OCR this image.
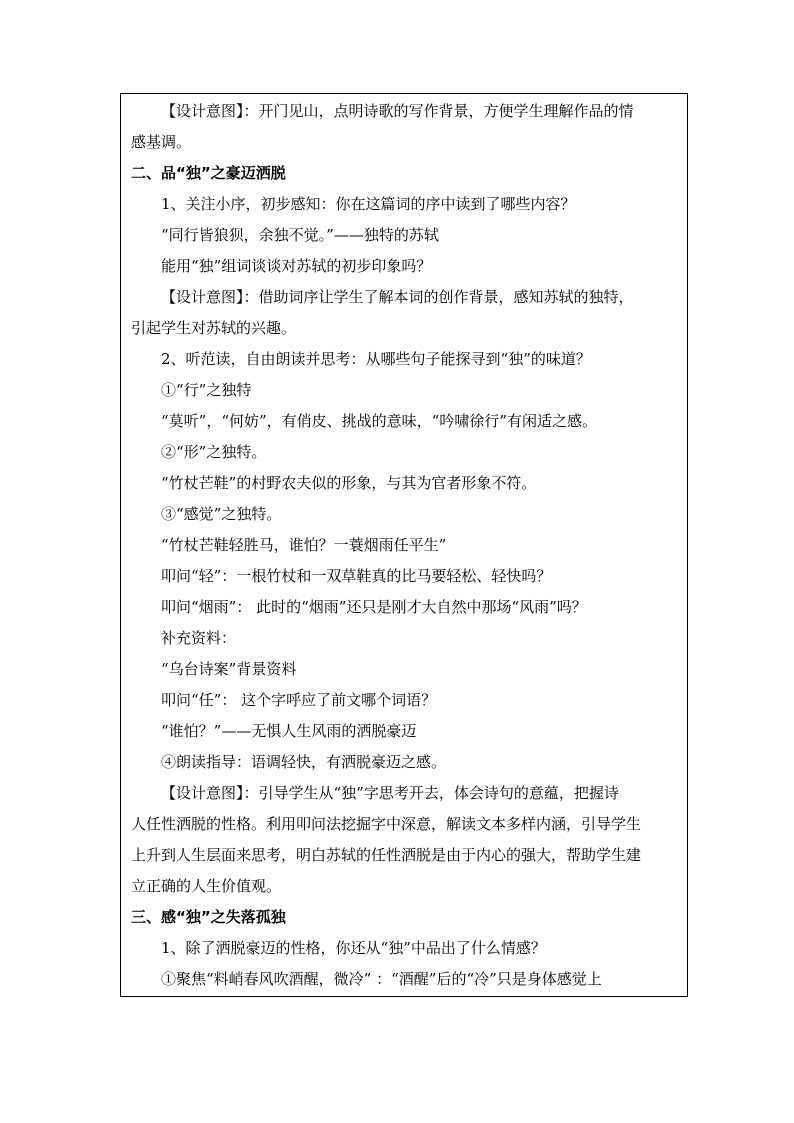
【设计意图】：开门见山，点明诗歌的写作背景，方便学生理解作品的情

感基调。

二、品“独”之豪迈洒脱

1、关注小序，初步感知：你在这篇词的序中读到了哪些内容？

“同行皆狼狈，余独不觉。”——独特的苏轼

能用“独”组词谈谈对苏轼的初步印象吗？

【设计意图】：借助词序让学生了解本词的创作背景，感知苏轼的独特，

引起学生对苏轼的兴趣。

2、听范读，自由朗读并思考：从哪些句子能探寻到“独”的味道？

①“行”之独特

“莫听”，“何妨”，有俏皮、挑战的意味，“吟啸徐行”有闲适之感。

②“形”之独特。

“竹杖芒鞋”的村野农夫似的形象，与其为官者形象不符。

③“感觉”之独特。

“竹杖芒鞋轻胜马，谁怕？一蓑烟雨任平生”

叩问“轻”：一根竹杖和一双草鞋真的比马要轻松、轻快吗？

叩问“烟雨”： 此时的“烟雨”还只是刚才大自然中那场“风雨”吗？

补充资料：

“乌台诗案”背景资料

叩问“任”： 这个字呼应了前文哪个词语？

“谁怕？”——无惧人生风雨的洒脱豪迈

④朗读指导：语调轻快，有洒脱豪迈之感。

【设计意图】：引导学生从“独”字思考开去，体会诗句的意蕴，把握诗

人任性洒脱的性格。利用叩问法挖掘字中深意，解读文本多样内涵，引导学生

上升到人生层面来思考，明白苏轼的任性洒脱是由于内心的强大，帮助学生建

立正确的人生价值观。

三、感“独”之失落孤独

1、除了洒脱豪迈的性格，你还从“独”中品出了什么情感？

①聚焦“料峭春风吹酒醒，微冷” ：“酒醒”后的“冷”只是身体感觉上
